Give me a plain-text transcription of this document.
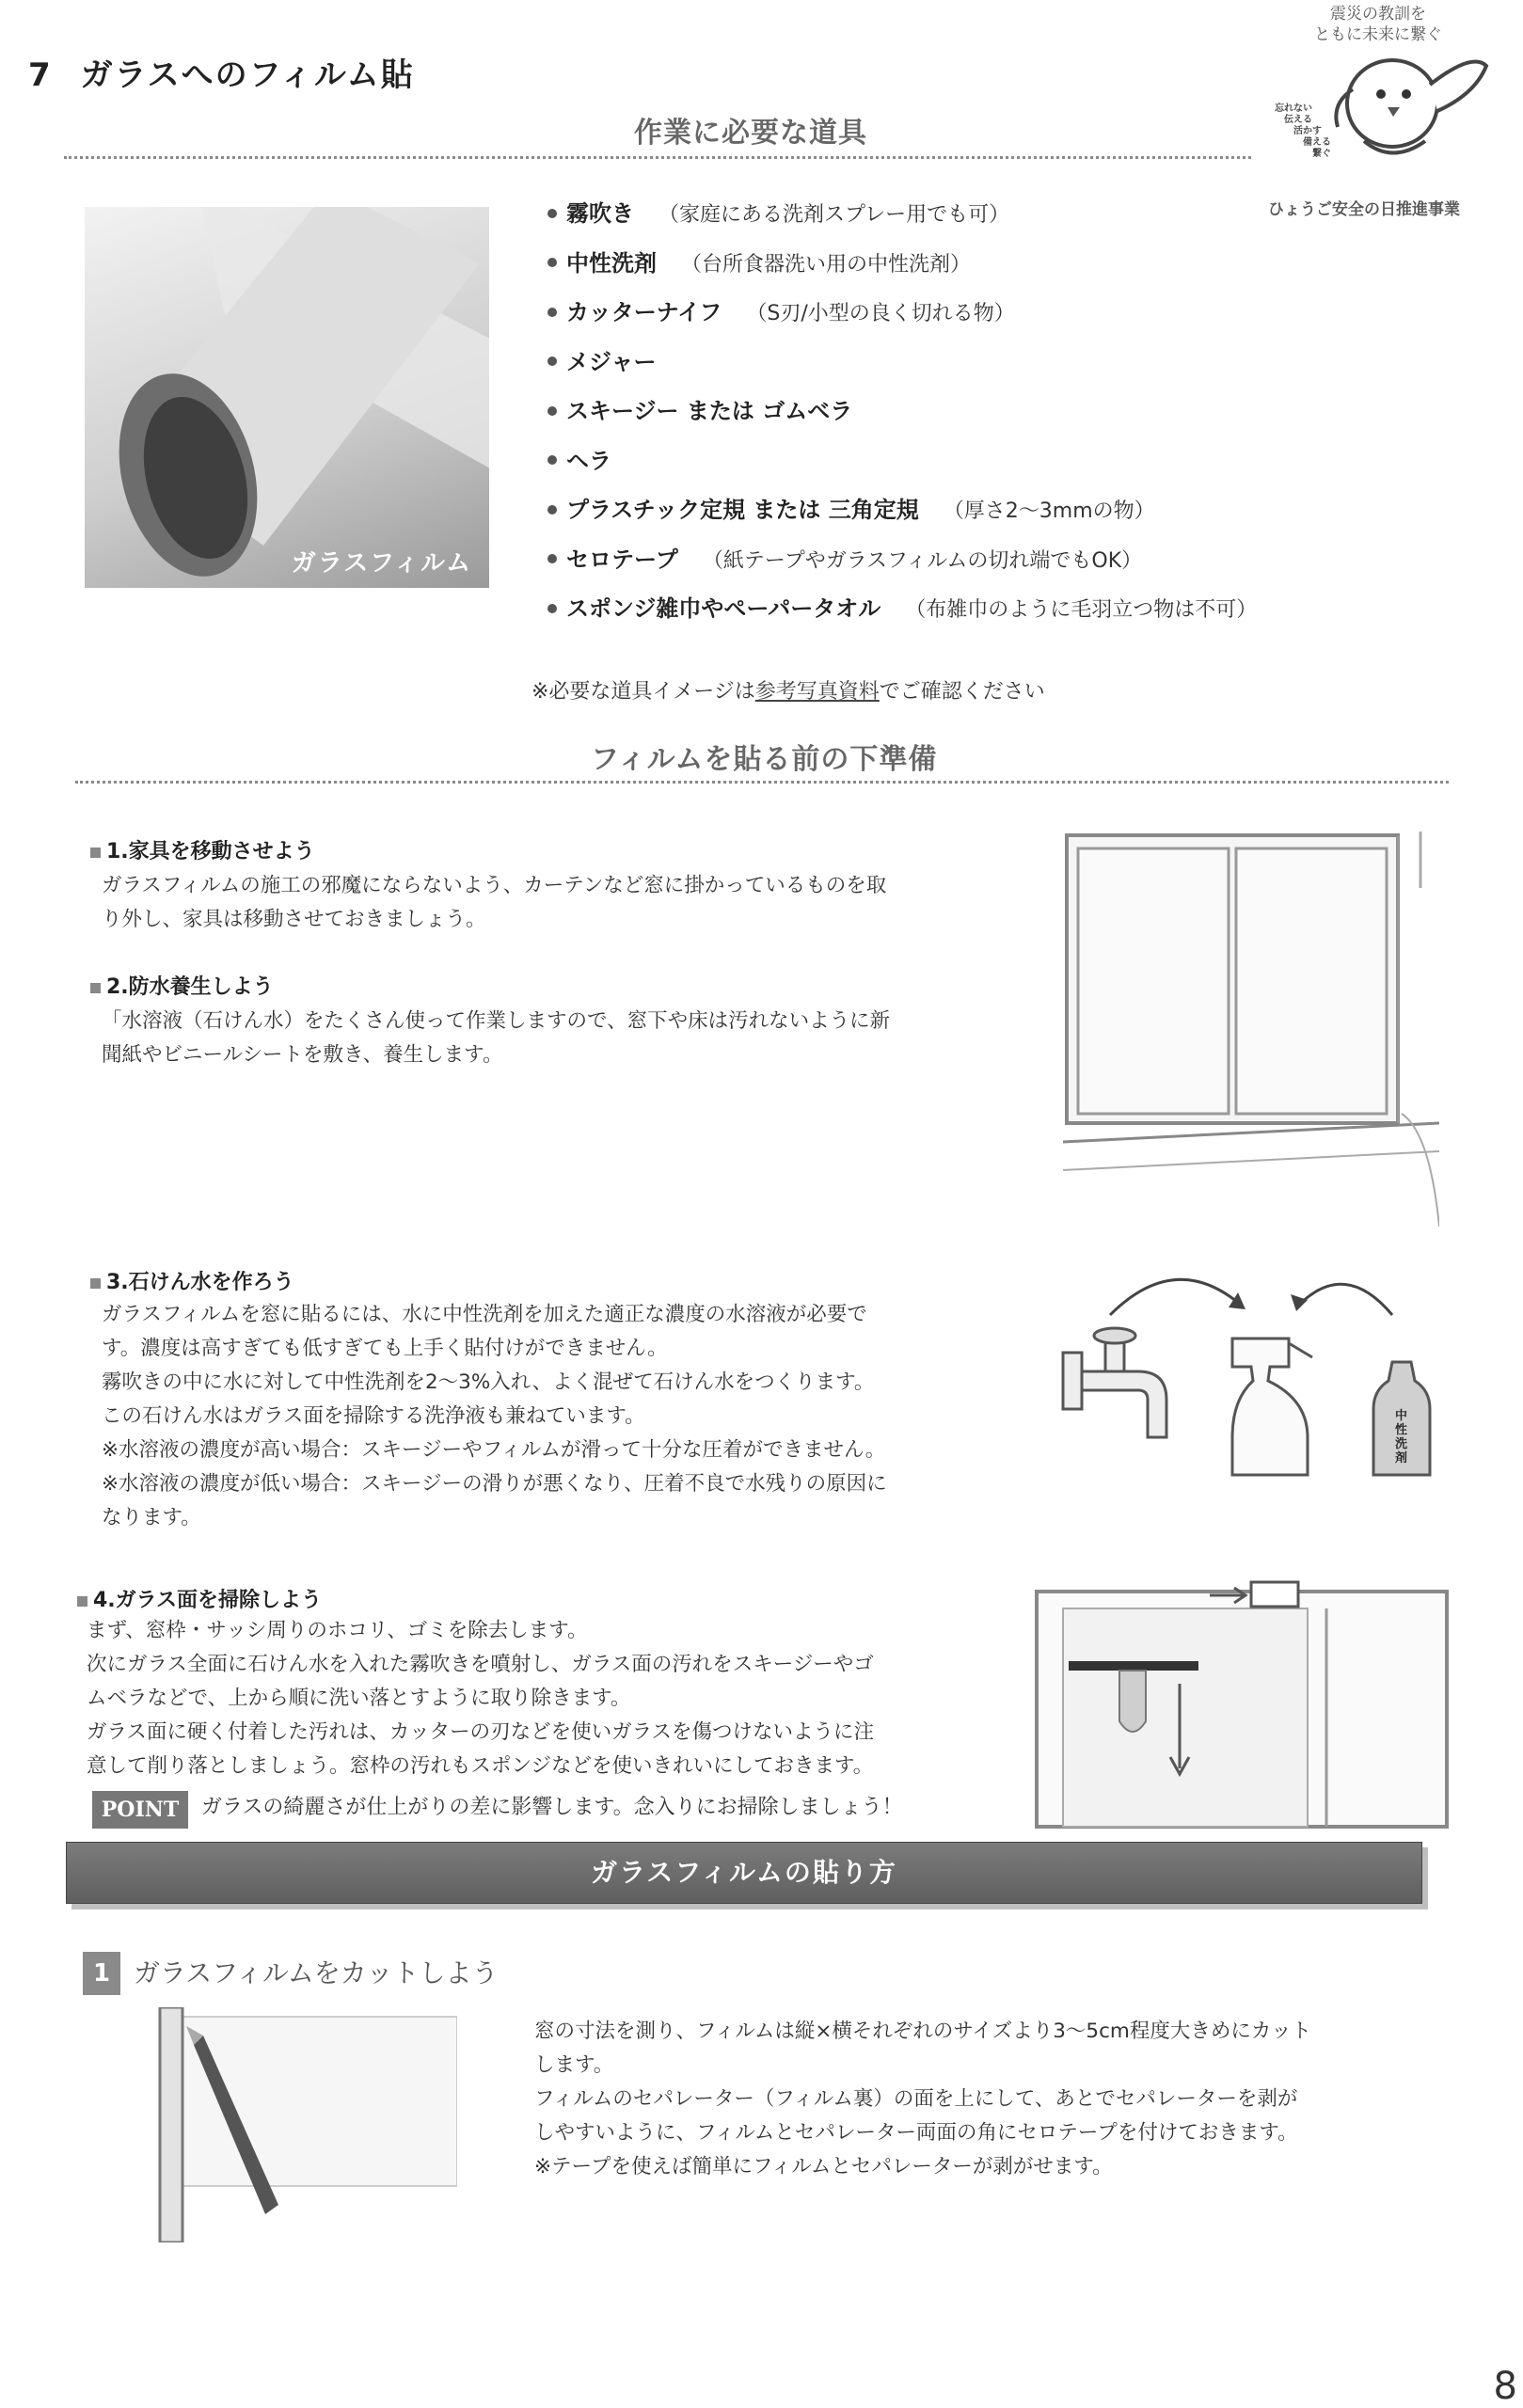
7 ガラスへのフィルム貼
震災の教訓を
ともに未来に繋ぐ
忘れない
伝える
活かす
備える
繋ぐ
ひょうご安全の日推進事業
作業に必要な道具
ガラスフィルム
霧吹き （家庭にある洗剤スプレー用でも可）
中性洗剤 （台所食器洗い用の中性洗剤）
カッターナイフ （S刃/小型の良く切れる物）
メジャー
スキージー または ゴムベラ
ヘラ
プラスチック定規 または 三角定規 （厚さ2～3mmの物）
セロテープ （紙テープやガラスフィルムの切れ端でもOK）
スポンジ雑巾やペーパータオル （布雑巾のように毛羽立つ物は不可）
※必要な道具イメージは参考写真資料でご確認ください
フィルムを貼る前の下準備
1.家具を移動させよう
ガラスフィルムの施工の邪魔にならないよう、カーテンなど窓に掛かっているものを取
り外し、家具は移動させておきましょう。
2.防水養生しよう
「水溶液（石けん水）をたくさん使って作業しますので、窓下や床は汚れないように新
聞紙やビニールシートを敷き、養生します。
3.石けん水を作ろう
ガラスフィルムを窓に貼るには、水に中性洗剤を加えた適正な濃度の水溶液が必要で
す。濃度は高すぎても低すぎても上手く貼付けができません。
霧吹きの中に水に対して中性洗剤を2～3%入れ、よく混ぜて石けん水をつくります。
この石けん水はガラス面を掃除する洗浄液も兼ねています。
※水溶液の濃度が高い場合：スキージーやフィルムが滑って十分な圧着ができません。
※水溶液の濃度が低い場合：スキージーの滑りが悪くなり、圧着不良で水残りの原因に
なります。
中性洗剤
4.ガラス面を掃除しよう
まず、窓枠・サッシ周りのホコリ、ゴミを除去します。
次にガラス全面に石けん水を入れた霧吹きを噴射し、ガラス面の汚れをスキージーやゴ
ムベラなどで、上から順に洗い落とすように取り除きます。
ガラス面に硬く付着した汚れは、カッターの刃などを使いガラスを傷つけないように注
意して削り落としましょう。窓枠の汚れもスポンジなどを使いきれいにしておきます。
POINT	ガラスの綺麗さが仕上がりの差に影響します。念入りにお掃除しましょう！
ガラスフィルムの貼り方
1 ガラスフィルムをカットしよう
窓の寸法を測り、フィルムは縦×横それぞれのサイズより3～5cm程度大きめにカット
します。
フィルムのセパレーター（フィルム裏）の面を上にして、あとでセパレーターを剥が
しやすいように、フィルムとセパレーター両面の角にセロテープを付けておきます。
※テープを使えば簡単にフィルムとセパレーターが剥がせます。
8
